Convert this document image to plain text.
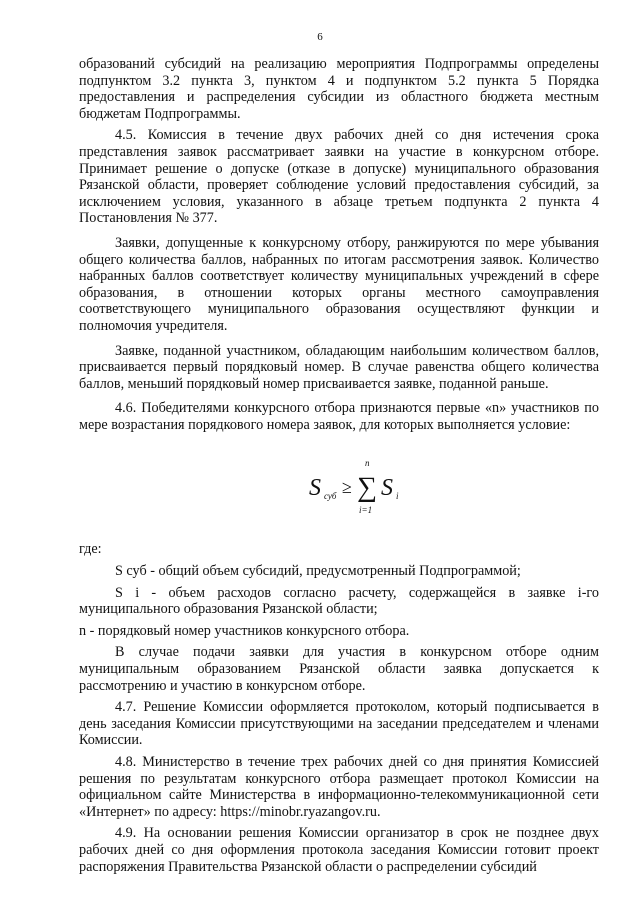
6

образований субсидий на реализацию мероприятия Подпрограммы определены подпунктом 3.2 пункта 3, пунктом 4 и подпунктом 5.2 пункта 5 Порядка предоставления и распределения субсидии из областного бюджета местным бюджетам Подпрограммы.

4.5. Комиссия в течение двух рабочих дней со дня истечения срока представления заявок рассматривает заявки на участие в конкурсном отборе. Принимает решение о допуске (отказе в допуске) муниципального образования Рязанской области, проверяет соблюдение условий предоставления субсидий, за исключением условия, указанного в абзаце третьем подпункта 2 пункта 4 Постановления № 377.

Заявки, допущенные к конкурсному отбору, ранжируются по мере убывания общего количества баллов, набранных по итогам рассмотрения заявок. Количество набранных баллов соответствует количеству муниципальных учреждений в сфере образования, в отношении которых органы местного самоуправления соответствующего муниципального образования осуществляют функции и полномочия учредителя.

Заявке, поданной участником, обладающим наибольшим количеством баллов, присваивается первый порядковый номер. В случае равенства общего количества баллов, меньший порядковый номер присваивается заявке, поданной раньше.

4.6. Победителями конкурсного отбора признаются первые «n» участников по мере возрастания порядкового номера заявок, для которых выполняется условие:

S суб ≥
n
∑
i=1
S i

где:

S суб - общий объем субсидий, предусмотренный Подпрограммой;

S i - объем расходов согласно расчету, содержащейся в заявке i-го муниципального образования Рязанской области;

n - порядковый номер участников конкурсного отбора.

В случае подачи заявки для участия в конкурсном отборе одним муниципальным образованием Рязанской области заявка допускается к рассмотрению и участию в конкурсном отборе.

4.7. Решение Комиссии оформляется протоколом, который подписывается в день заседания Комиссии присутствующими на заседании председателем и членами Комиссии.

4.8. Министерство в течение трех рабочих дней со дня принятия Комиссией решения по результатам конкурсного отбора размещает протокол Комиссии на официальном сайте Министерства в информационно-телекоммуникационной сети «Интернет» по адресу: https://minobr.ryazangov.ru.

4.9. На основании решения Комиссии организатор в срок не позднее двух рабочих дней со дня оформления протокола заседания Комиссии готовит проект распоряжения Правительства Рязанской области о распределении субсидий
